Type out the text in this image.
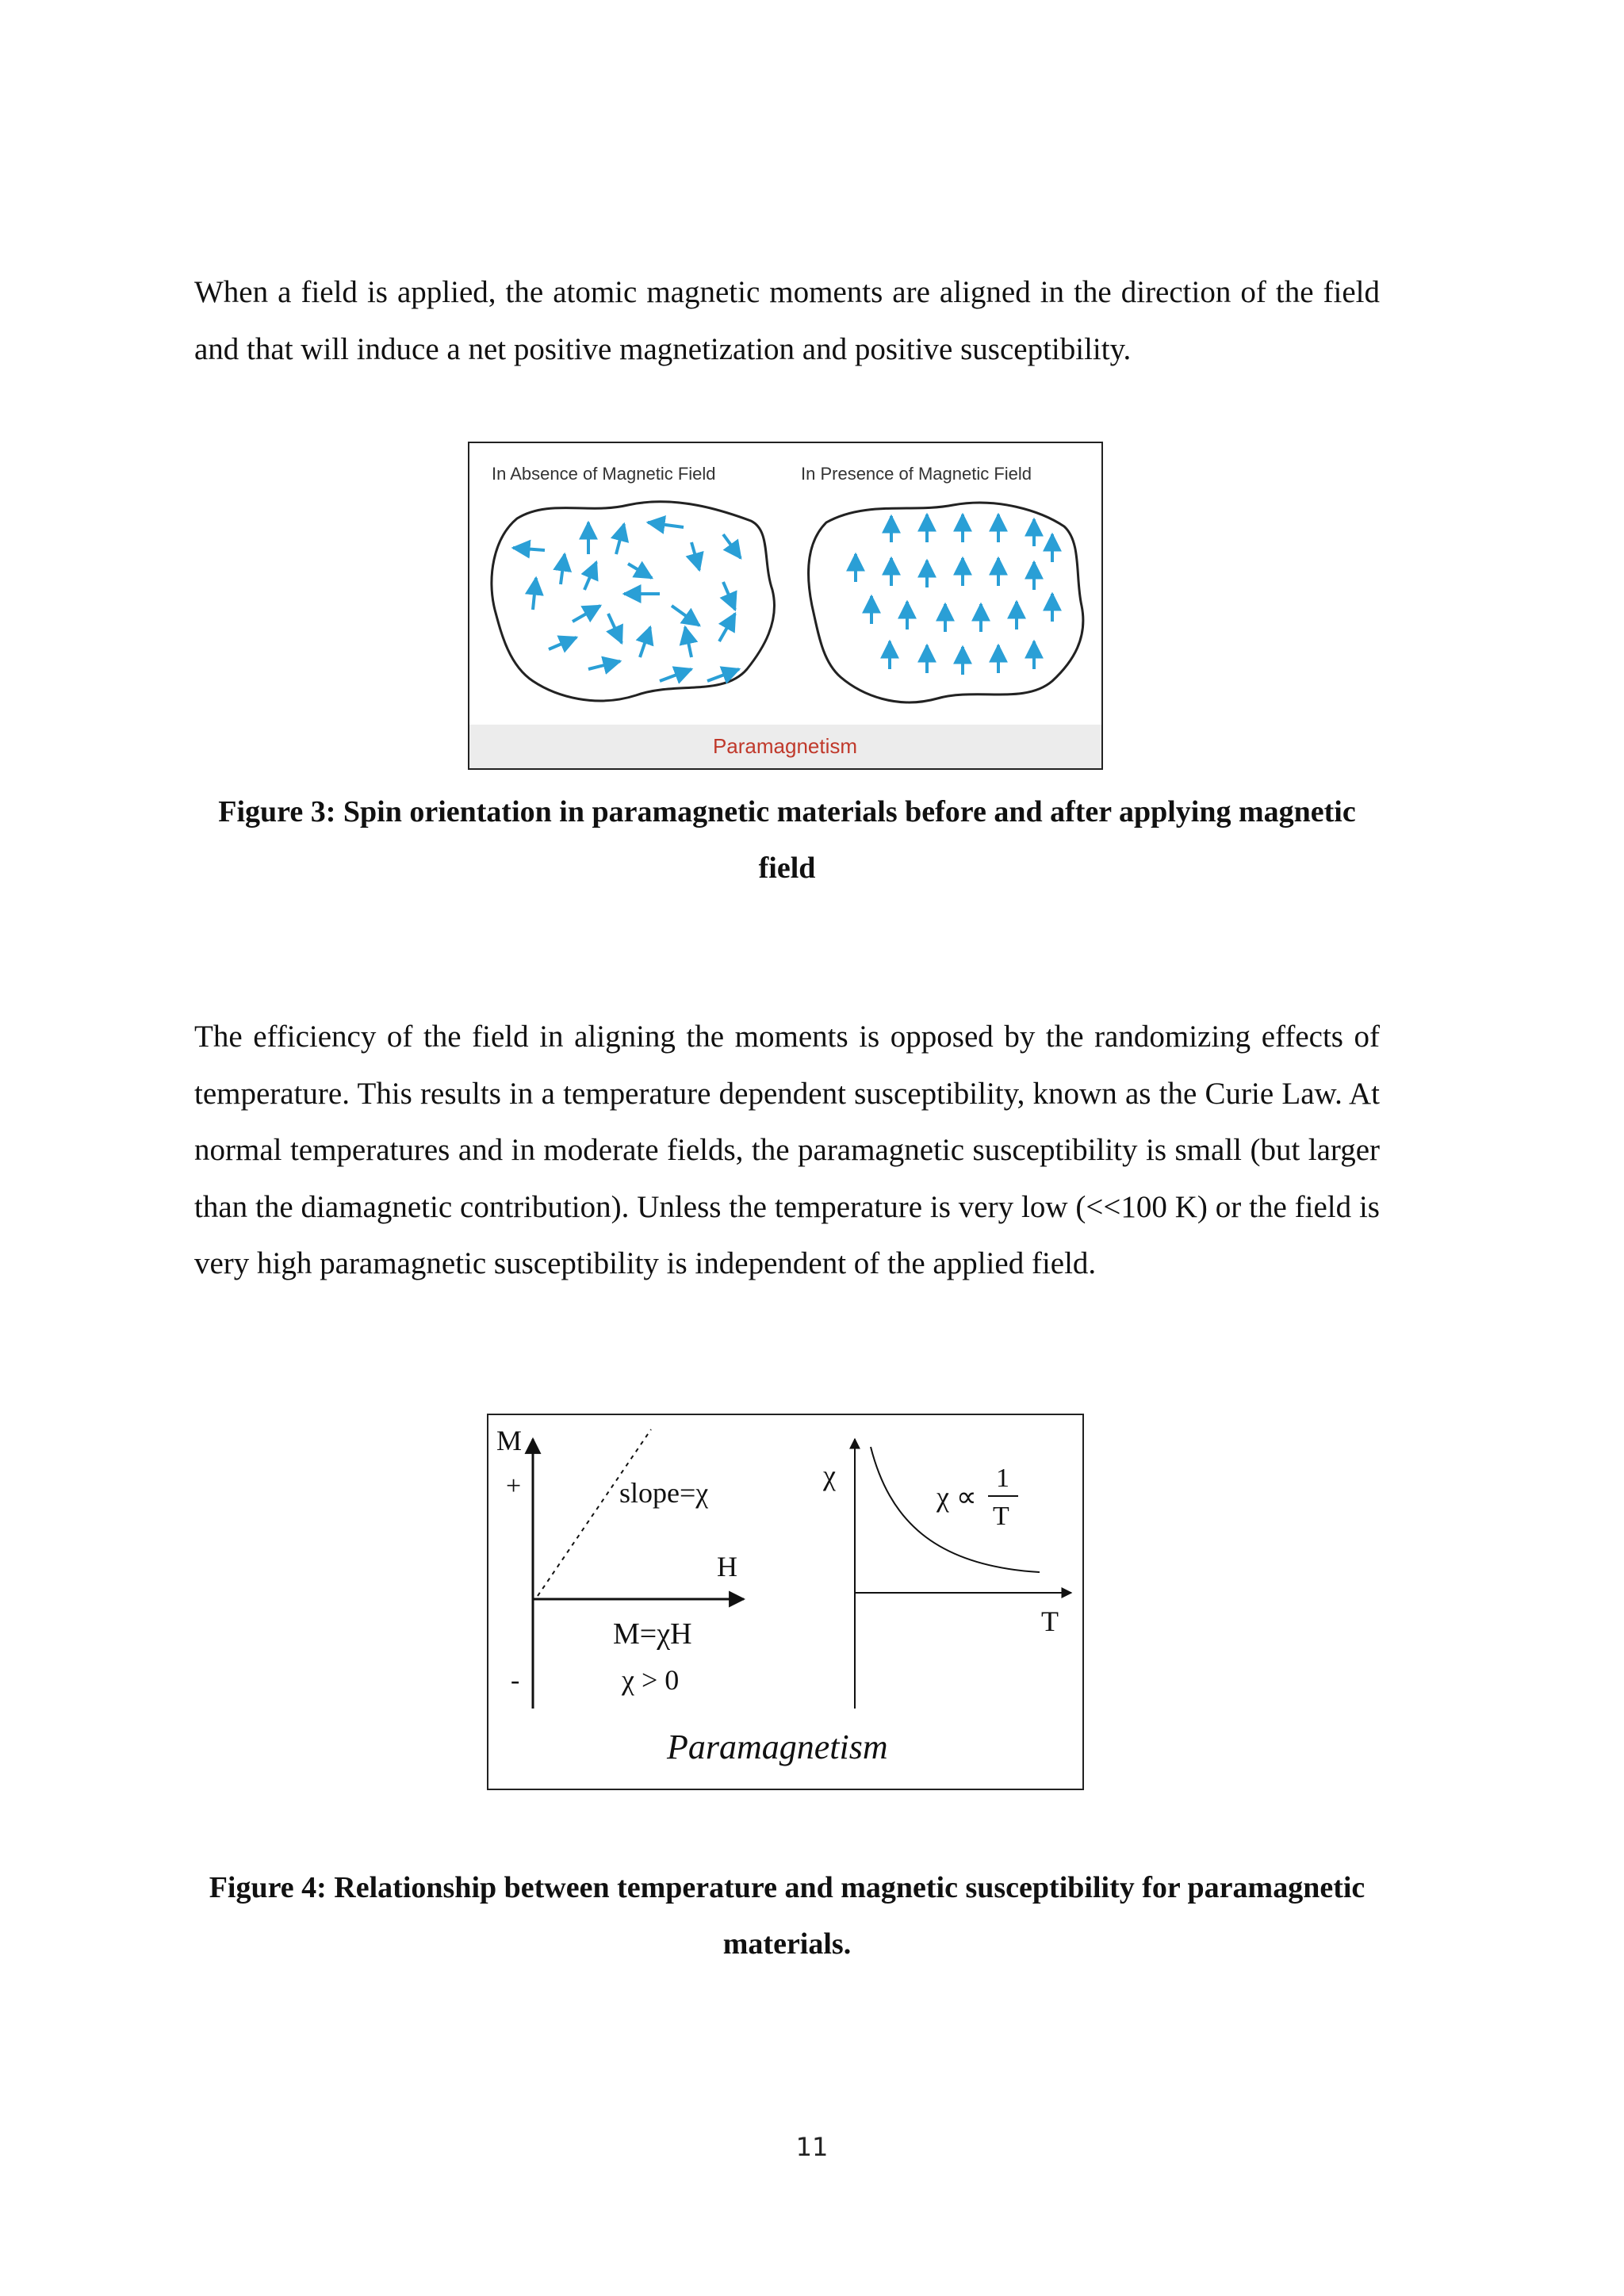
When a field is applied, the atomic magnetic moments are aligned in the direction of the field and that will induce a net positive magnetization and positive susceptibility.

In Absence of Magnetic Field	In Presence of Magnetic Field
Paramagnetism

Figure 3: Spin orientation in paramagnetic materials before and after applying magnetic field

The efficiency of the field in aligning the moments is opposed by the randomizing effects of temperature. This results in a temperature dependent susceptibility, known as the Curie Law. At normal temperatures and in moderate fields, the paramagnetic susceptibility is small (but larger than the diamagnetic contribution). Unless the temperature is very low (<<100 K) or the field is very high paramagnetic susceptibility is independent of the applied field.

M
+
-
slope=χ
H
M=χH
χ > 0
χ
χ ∝
1
T
T
Paramagnetism

Figure 4: Relationship between temperature and magnetic susceptibility for paramagnetic materials.

11
